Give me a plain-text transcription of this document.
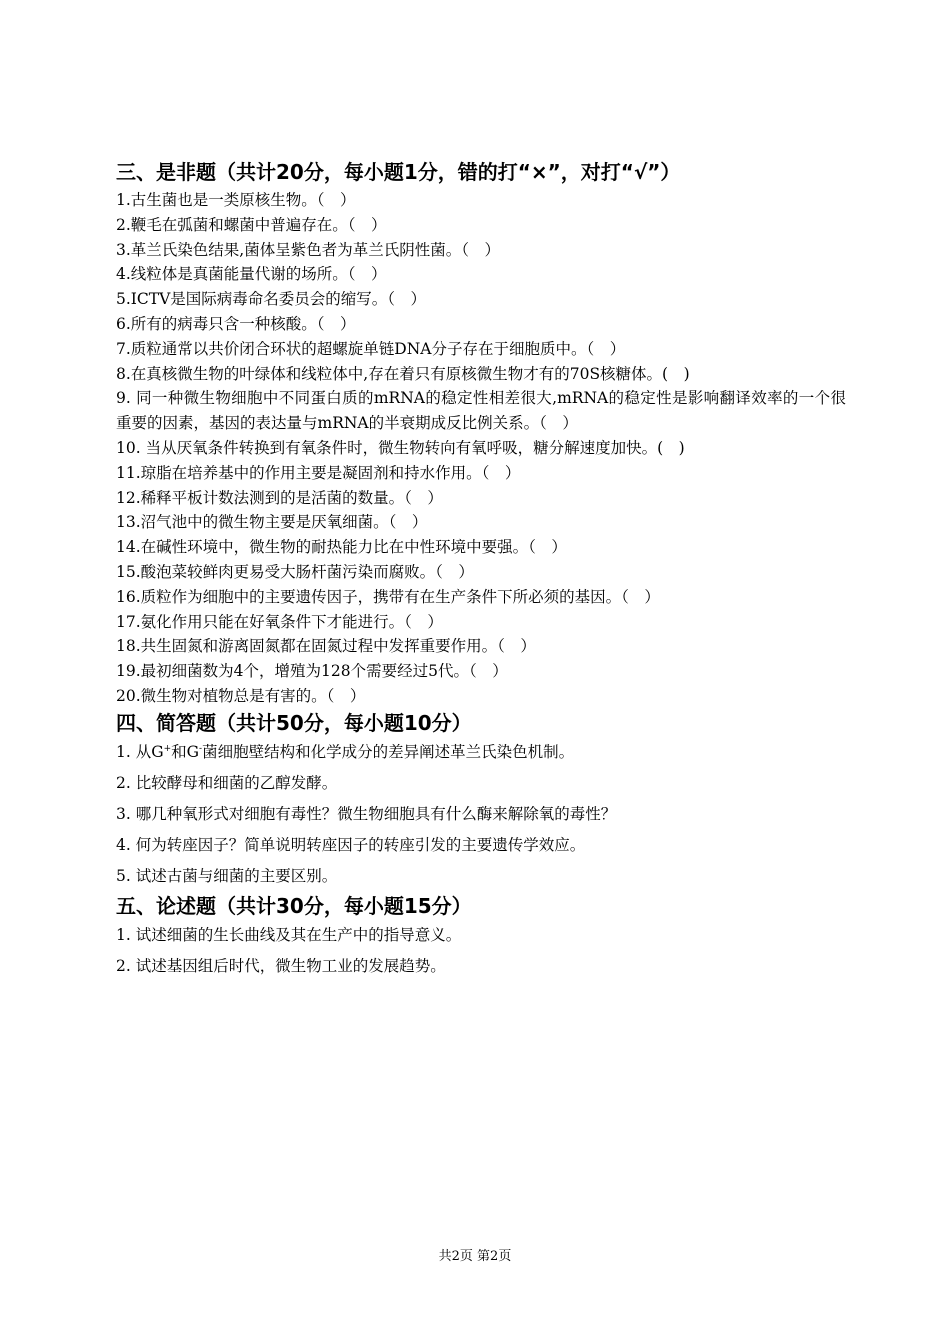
三、是非题（共计20分，每小题1分，错的打“×”，对打“√”）
1.古生菌也是一类原核生物。（　）
2.鞭毛在弧菌和螺菌中普遍存在。（　）
3.革兰氏染色结果,菌体呈紫色者为革兰氏阴性菌。（　）
4.线粒体是真菌能量代谢的场所。（　）
5.ICTV是国际病毒命名委员会的缩写。（　）
6.所有的病毒只含一种核酸。（　）
7.质粒通常以共价闭合环状的超螺旋单链DNA分子存在于细胞质中。（　）
8.在真核微生物的叶绿体和线粒体中,存在着只有原核微生物才有的70S核糖体。(　)
9. 同一种微生物细胞中不同蛋白质的mRNA的稳定性相差很大,mRNA的稳定性是影响翻译效率的一个很重要的因素，基因的表达量与mRNA的半衰期成反比例关系。（　）
10. 当从厌氧条件转换到有氧条件时，微生物转向有氧呼吸，糖分解速度加快。(　)
11.琼脂在培养基中的作用主要是凝固剂和持水作用。（　）
12.稀释平板计数法测到的是活菌的数量。（　）
13.沼气池中的微生物主要是厌氧细菌。（　）
14.在碱性环境中，微生物的耐热能力比在中性环境中要强。（　）
15.酸泡菜较鲜肉更易受大肠杆菌污染而腐败。（　）
16.质粒作为细胞中的主要遗传因子，携带有在生产条件下所必须的基因。（　）
17.氨化作用只能在好氧条件下才能进行。（　）
18.共生固氮和游离固氮都在固氮过程中发挥重要作用。（　）
19.最初细菌数为4个，增殖为128个需要经过5代。（　）
20.微生物对植物总是有害的。（　）
四、简答题（共计50分，每小题10分）
1. 从G+和G-菌细胞壁结构和化学成分的差异阐述革兰氏染色机制。
2. 比较酵母和细菌的乙醇发酵。
3. 哪几种氧形式对细胞有毒性？微生物细胞具有什么酶来解除氧的毒性？
4. 何为转座因子？简单说明转座因子的转座引发的主要遗传学效应。
5. 试述古菌与细菌的主要区别。
五、论述题（共计30分，每小题15分）
1. 试述细菌的生长曲线及其在生产中的指导意义。
2. 试述基因组后时代，微生物工业的发展趋势。
共2页 第2页
